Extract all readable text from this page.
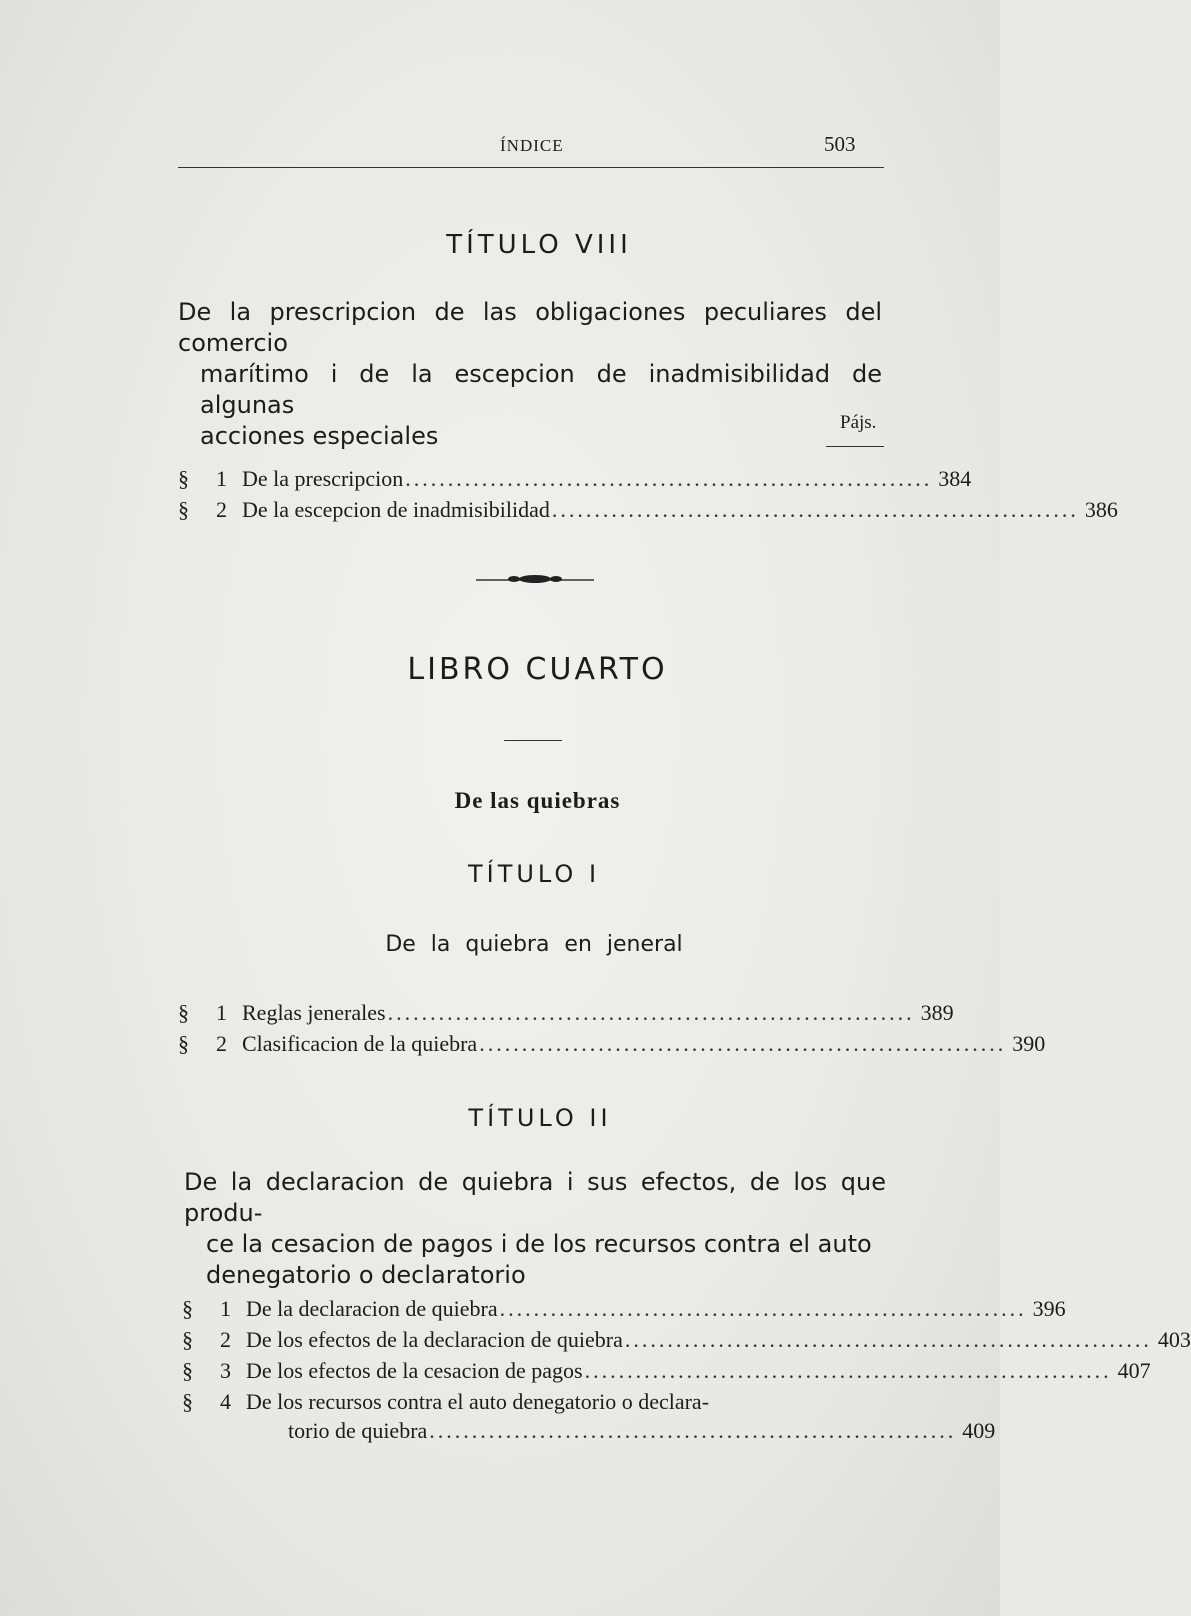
ÍNDICE	503
TÍTULO VIII
De la prescripcion de las obligaciones peculiares del comercio
marítimo i de la escepcion de inadmisibilidad de algunas
acciones especiales	Pájs.
§	1 De la prescripcion .............................................................. 384
§	2 De la escepcion de inadmisibilidad .............................................................. 386
LIBRO CUARTO
De las quiebras
TÍTULO I
De la quiebra en jeneral
§	1 Reglas jenerales .............................................................. 389
§	2 Clasificacion de la quiebra .............................................................. 390
TÍTULO II
De la declaracion de quiebra i sus efectos, de los que produ-
ce la cesacion de pagos i de los recursos contra el auto
denegatorio o declaratorio
§	1 De la declaracion de quiebra .............................................................. 396
§	2 De los efectos de la declaracion de quiebra .............................................................. 403
§	3 De los efectos de la cesacion de pagos .............................................................. 407
§	4 De los recursos contra el auto denegatorio o declara-
torio de quiebra .............................................................. 409
